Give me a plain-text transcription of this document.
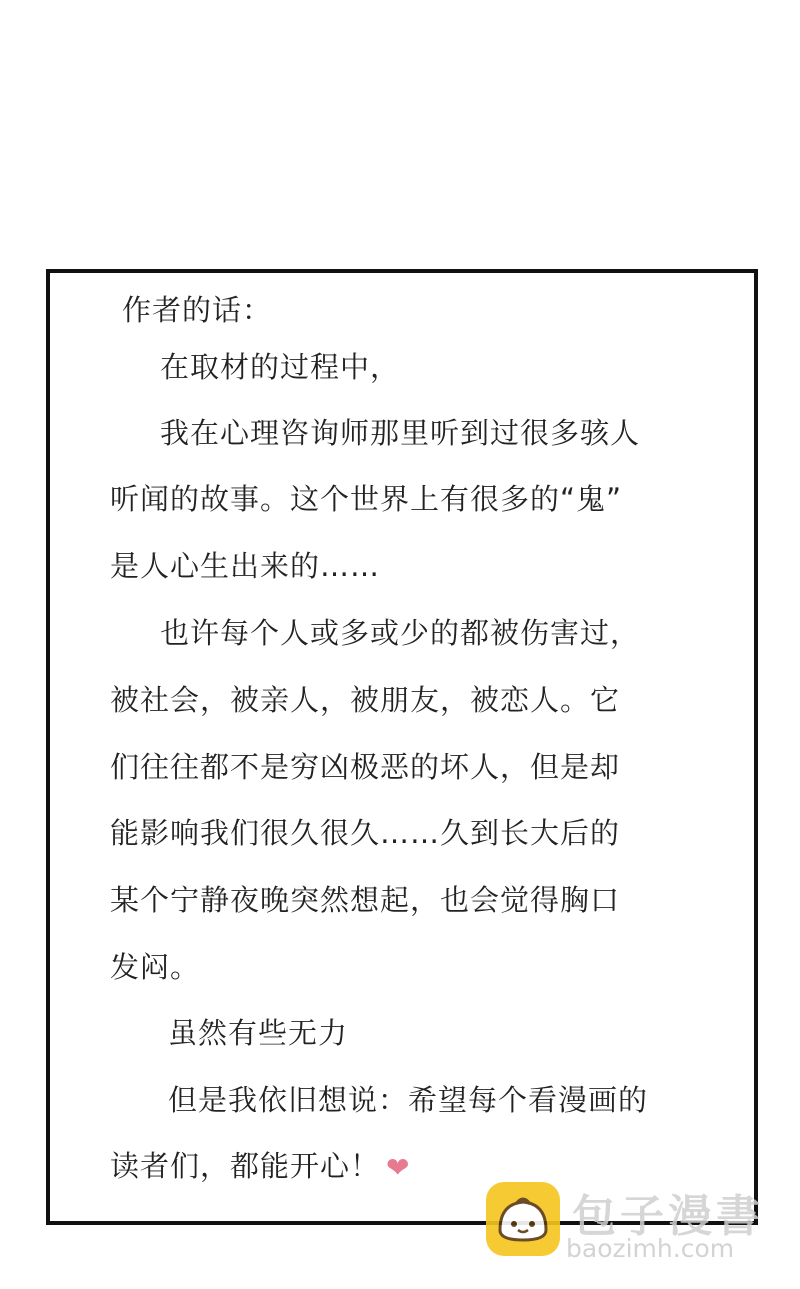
作者的话：
在取材的过程中，
我在心理咨询师那里听到过很多骇人
听闻的故事。这个世界上有很多的“鬼”
是人心生出来的……
也许每个人或多或少的都被伤害过，
被社会，被亲人，被朋友，被恋人。它
们往往都不是穷凶极恶的坏人，但是却
能影响我们很久很久……久到长大后的
某个宁静夜晚突然想起，也会觉得胸口
发闷。
虽然有些无力
但是我依旧想说：希望每个看漫画的
读者们，都能开心！ ❤
包子漫書
baozimh.com
